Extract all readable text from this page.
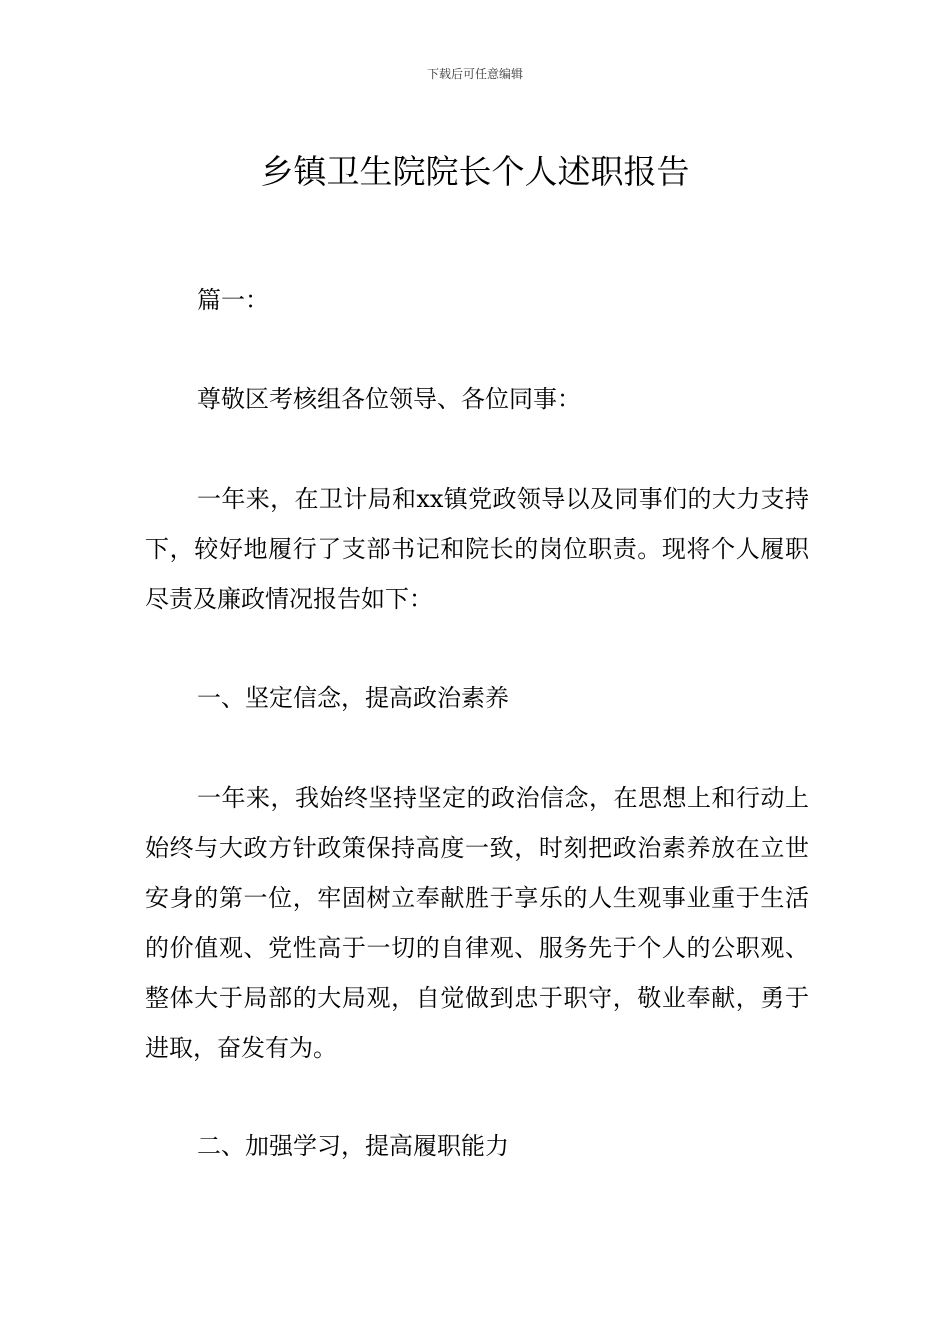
下载后可任意编辑
乡镇卫生院院长个人述职报告
篇一：
尊敬区考核组各位领导、各位同事：
一年来，在卫计局和xx镇党政领导以及同事们的大力支持下，较好地履行了支部书记和院长的岗位职责。现将个人履职尽责及廉政情况报告如下：
一、坚定信念，提高政治素养
一年来，我始终坚持坚定的政治信念，在思想上和行动上始终与大政方针政策保持高度一致，时刻把政治素养放在立世安身的第一位，牢固树立奉献胜于享乐的人生观事业重于生活的价值观、党性高于一切的自律观、服务先于个人的公职观、整体大于局部的大局观，自觉做到忠于职守，敬业奉献，勇于进取，奋发有为。
二、加强学习，提高履职能力
